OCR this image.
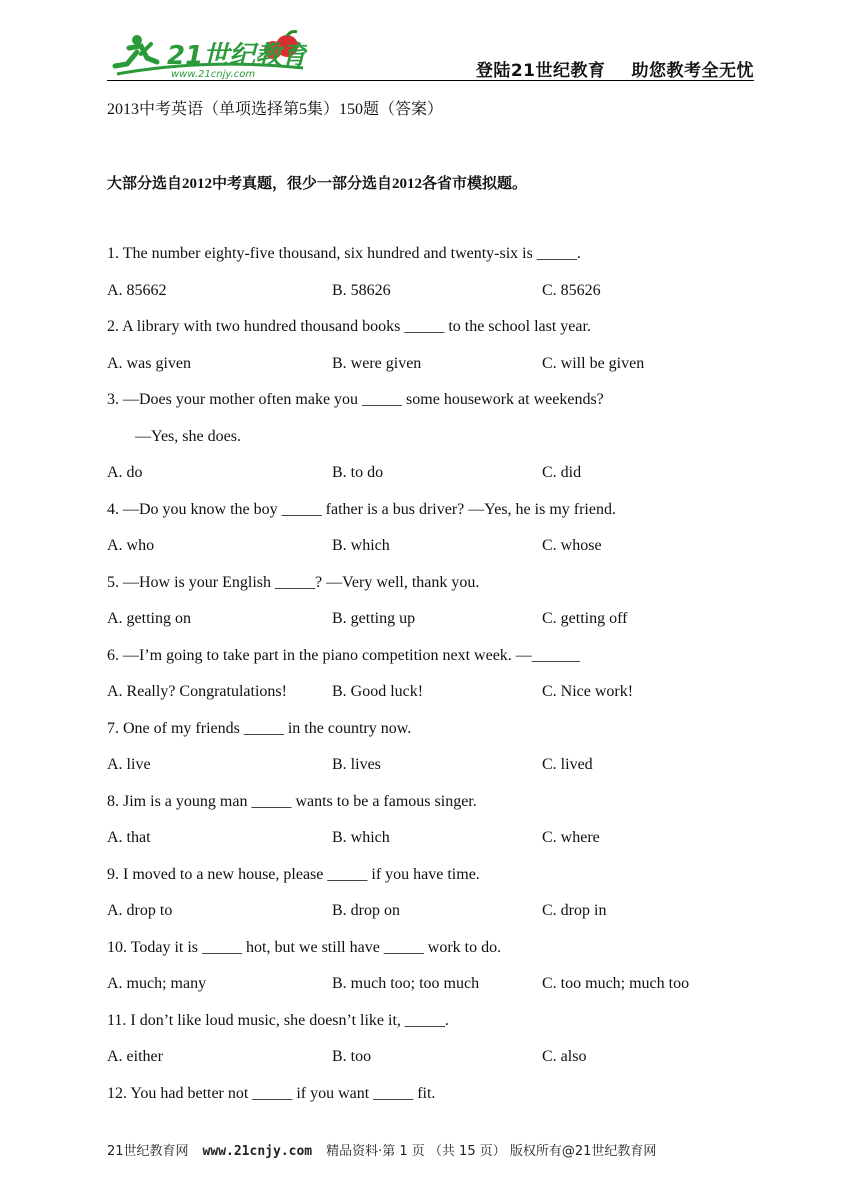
21世纪教育
www.21cnjy.com	登陆21世纪教育 助您教考全无忧
2013中考英语（单项选择第5集）150题（答案）
大部分选自2012中考真题，很少一部分选自2012各省市模拟题。
1. The number eighty-five thousand, six hundred and twenty-six is _____.
A. 85662	B. 58626	C. 85626
2. A library with two hundred thousand books _____ to the school last year.
A. was given	B. were given	C. will be given
3. —Does your mother often make you _____ some housework at weekends?
—Yes, she does.
A. do	B. to do	C. did
4. —Do you know the boy _____ father is a bus driver? —Yes, he is my friend.
A. who	B. which	C. whose
5. —How is your English _____? —Very well, thank you.
A. getting on	B. getting up	C. getting off
6. —I’m going to take part in the piano competition next week. —______
A. Really? Congratulations!	B. Good luck!	C. Nice work!
7. One of my friends _____ in the country now.
A. live	B. lives	C. lived
8. Jim is a young man _____ wants to be a famous singer.
A. that	B. which	C. where
9. I moved to a new house, please _____ if you have time.
A. drop to	B. drop on	C. drop in
10. Today it is _____ hot, but we still have _____ work to do.
A. much; many	B. much too; too much	C. too much; much too
11. I don’t like loud music, she doesn’t like it, _____.
A. either	B. too	C. also
12. You had better not _____ if you want _____ fit.
21世纪教育网 www.21cnjy.com 精品资料·第 1 页 （共 15 页） 版权所有@21世纪教育网
